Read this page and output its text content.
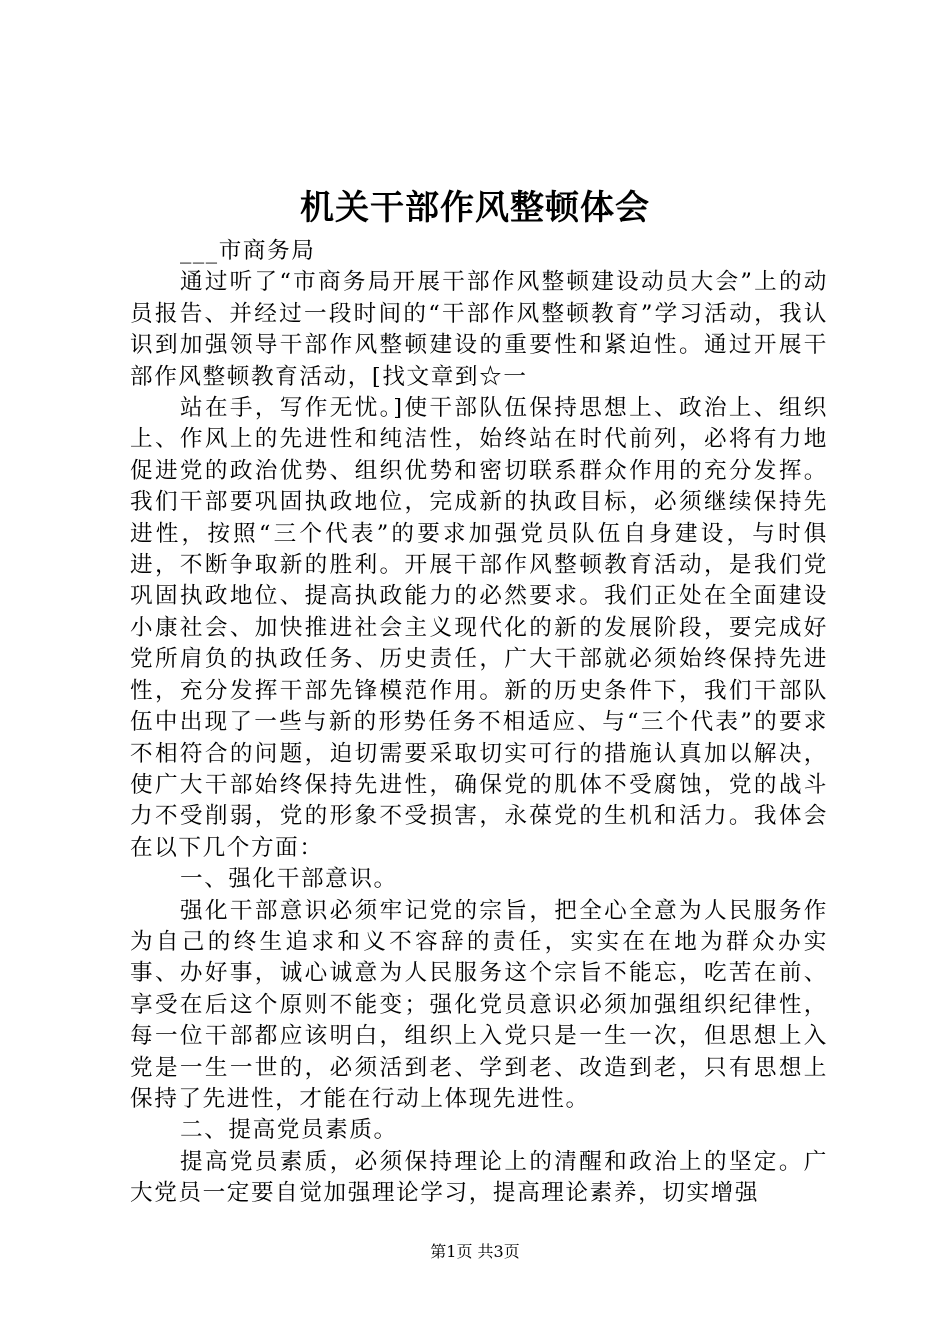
机关干部作风整顿体会

___市商务局

通过听了“市商务局开展干部作风整顿建设动员大会”上的动员报告、并经过一段时间的“干部作风整顿教育”学习活动，我认识到加强领导干部作风整顿建设的重要性和紧迫性。通过开展干部作风整顿教育活动，[找文章到☆一

站在手，写作无忧。]使干部队伍保持思想上、政治上、组织上、作风上的先进性和纯洁性，始终站在时代前列，必将有力地促进党的政治优势、组织优势和密切联系群众作用的充分发挥。我们干部要巩固执政地位，完成新的执政目标，必须继续保持先进性，按照“三个代表”的要求加强党员队伍自身建设，与时俱进，不断争取新的胜利。开展干部作风整顿教育活动，是我们党巩固执政地位、提高执政能力的必然要求。我们正处在全面建设小康社会、加快推进社会主义现代化的新的发展阶段，要完成好党所肩负的执政任务、历史责任，广大干部就必须始终保持先进性，充分发挥干部先锋模范作用。新的历史条件下，我们干部队伍中出现了一些与新的形势任务不相适应、与“三个代表”的要求不相符合的问题，迫切需要采取切实可行的措施认真加以解决，使广大干部始终保持先进性，确保党的肌体不受腐蚀，党的战斗力不受削弱，党的形象不受损害，永葆党的生机和活力。我体会在以下几个方面：

一、强化干部意识。

强化干部意识必须牢记党的宗旨，把全心全意为人民服务作为自己的终生追求和义不容辞的责任，实实在在地为群众办实事、办好事，诚心诚意为人民服务这个宗旨不能忘，吃苦在前、享受在后这个原则不能变；强化党员意识必须加强组织纪律性，每一位干部都应该明白，组织上入党只是一生一次，但思想上入党是一生一世的，必须活到老、学到老、改造到老，只有思想上保持了先进性，才能在行动上体现先进性。

二、提高党员素质。

提高党员素质，必须保持理论上的清醒和政治上的坚定。广大党员一定要自觉加强理论学习，提高理论素养，切实增强

第1页 共3页
